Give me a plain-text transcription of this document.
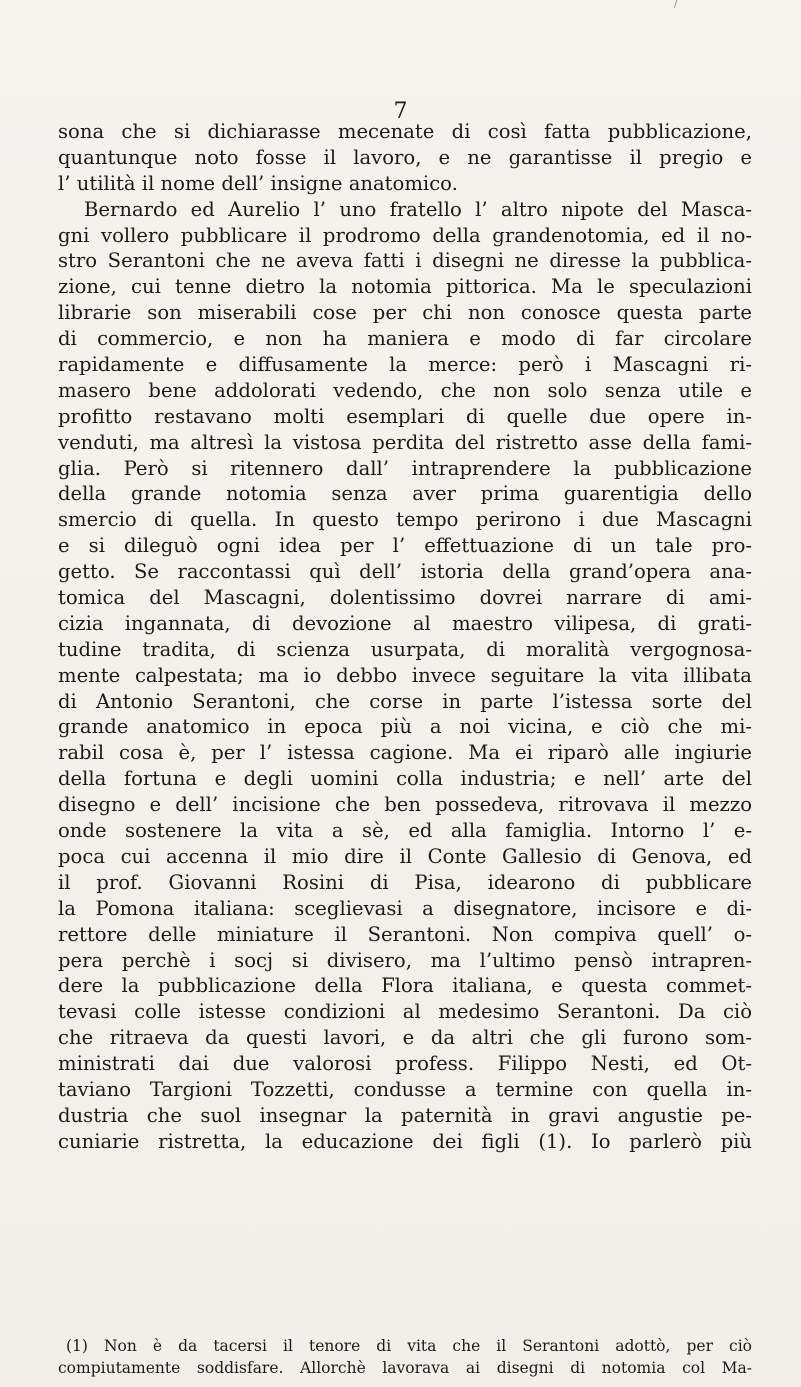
/
7
sona che si dichiarasse mecenate di così fatta pubblicazione,
quantunque noto fosse il lavoro, e ne garantisse il pregio e
l’ utilità il nome dell’ insigne anatomico.
Bernardo ed Aurelio l’ uno fratello l’ altro nipote del Masca-
gni vollero pubblicare il prodromo della grandenotomia, ed il no-
stro Serantoni che ne aveva fatti i disegni ne diresse la pubblica-
zione, cui tenne dietro la notomia pittorica. Ma le speculazioni
librarie son miserabili cose per chi non conosce questa parte
di commercio, e non ha maniera e modo di far circolare
rapidamente e diffusamente la merce: però i Mascagni ri-
masero bene addolorati vedendo, che non solo senza utile e
profitto restavano molti esemplari di quelle due opere in-
venduti, ma altresì la vistosa perdita del ristretto asse della fami-
glia. Però si ritennero dall’ intraprendere la pubblicazione
della grande notomia senza aver prima guarentigia dello
smercio di quella. In questo tempo perirono i due Mascagni
e si dileguò ogni idea per l’ effettuazione di un tale pro-
getto. Se raccontassi quì dell’ istoria della grand’opera ana-
tomica del Mascagni, dolentissimo dovrei narrare di ami-
cizia ingannata, di devozione al maestro vilipesa, di grati-
tudine tradita, di scienza usurpata, di moralità vergognosa-
mente calpestata; ma io debbo invece seguitare la vita illibata
di Antonio Serantoni, che corse in parte l’istessa sorte del
grande anatomico in epoca più a noi vicina, e ciò che mi-
rabil cosa è, per l’ istessa cagione. Ma ei riparò alle ingiurie
della fortuna e degli uomini colla industria; e nell’ arte del
disegno e dell’ incisione che ben possedeva, ritrovava il mezzo
onde sostenere la vita a sè, ed alla famiglia. Intorno l’ e-
poca cui accenna il mio dire il Conte Gallesio di Genova, ed
il prof. Giovanni Rosini di Pisa, idearono di pubblicare
la Pomona italiana: sceglievasi a disegnatore, incisore e di-
rettore delle miniature il Serantoni. Non compiva quell’ o-
pera perchè i socj si divisero, ma l’ultimo pensò intrapren-
dere la pubblicazione della Flora italiana, e questa commet-
tevasi colle istesse condizioni al medesimo Serantoni. Da ciò
che ritraeva da questi lavori, e da altri che gli furono som-
ministrati dai due valorosi profess. Filippo Nesti, ed Ot-
taviano Targioni Tozzetti, condusse a termine con quella in-
dustria che suol insegnar la paternità in gravi angustie pe-
cuniarie ristretta, la educazione dei figli (1). Io parlerò più
(1) Non è da tacersi il tenore di vita che il Serantoni adottò, per ciò
compiutamente soddisfare. Allorchè lavorava ai disegni di notomia col Ma-
